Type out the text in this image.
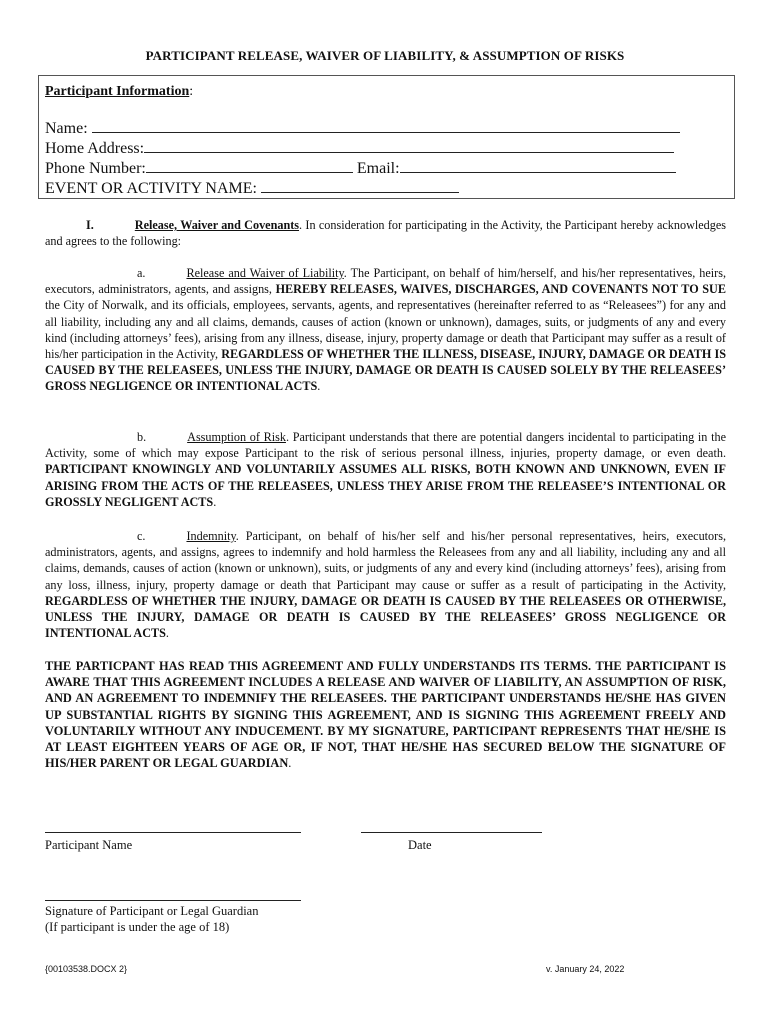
PARTICIPANT RELEASE, WAIVER OF LIABILITY, & ASSUMPTION OF RISKS
Participant Information:
Name:
Home Address:
Phone Number:	Email:
EVENT OR ACTIVITY NAME:
I.	Release, Waiver and Covenants. In consideration for participating in the Activity, the Participant hereby acknowledges and agrees to the following:
a.	Release and Waiver of Liability. The Participant, on behalf of him/herself, and his/her representatives, heirs, executors, administrators, agents, and assigns, HEREBY RELEASES, WAIVES, DISCHARGES, AND COVENANTS NOT TO SUE the City of Norwalk, and its officials, employees, servants, agents, and representatives (hereinafter referred to as “Releasees”) for any and all liability, including any and all claims, demands, causes of action (known or unknown), damages, suits, or judgments of any and every kind (including attorneys’ fees), arising from any illness, disease, injury, property damage or death that Participant may suffer as a result of his/her participation in the Activity, REGARDLESS OF WHETHER THE ILLNESS, DISEASE, INJURY, DAMAGE OR DEATH IS CAUSED BY THE RELEASEES, UNLESS THE INJURY, DAMAGE OR DEATH IS CAUSED SOLELY BY THE RELEASEES’ GROSS NEGLIGENCE OR INTENTIONAL ACTS.
b.	Assumption of Risk. Participant understands that there are potential dangers incidental to participating in the Activity, some of which may expose Participant to the risk of serious personal illness, injuries, property damage, or even death. PARTICIPANT KNOWINGLY AND VOLUNTARILY ASSUMES ALL RISKS, BOTH KNOWN AND UNKNOWN, EVEN IF ARISING FROM THE ACTS OF THE RELEASEES, UNLESS THEY ARISE FROM THE RELEASEE’S INTENTIONAL OR GROSSLY NEGLIGENT ACTS.
c.	Indemnity. Participant, on behalf of his/her self and his/her personal representatives, heirs, executors, administrators, agents, and assigns, agrees to indemnify and hold harmless the Releasees from any and all liability, including any and all claims, demands, causes of action (known or unknown), suits, or judgments of any and every kind (including attorneys’ fees), arising from any loss, illness, injury, property damage or death that Participant may cause or suffer as a result of participating in the Activity, REGARDLESS OF WHETHER THE INJURY, DAMAGE OR DEATH IS CAUSED BY THE RELEASEES OR OTHERWISE, UNLESS THE INJURY, DAMAGE OR DEATH IS CAUSED BY THE RELEASEES’ GROSS NEGLIGENCE OR INTENTIONAL ACTS.
THE PARTICPANT HAS READ THIS AGREEMENT AND FULLY UNDERSTANDS ITS TERMS. THE PARTICIPANT IS AWARE THAT THIS AGREEMENT INCLUDES A RELEASE AND WAIVER OF LIABILITY, AN ASSUMPTION OF RISK, AND AN AGREEMENT TO INDEMNIFY THE RELEASEES. THE PARTICIPANT UNDERSTANDS HE/SHE HAS GIVEN UP SUBSTANTIAL RIGHTS BY SIGNING THIS AGREEMENT, AND IS SIGNING THIS AGREEMENT FREELY AND VOLUNTARILY WITHOUT ANY INDUCEMENT. BY MY SIGNATURE, PARTICIPANT REPRESENTS THAT HE/SHE IS AT LEAST EIGHTEEN YEARS OF AGE OR, IF NOT, THAT HE/SHE HAS SECURED BELOW THE SIGNATURE OF HIS/HER PARENT OR LEGAL GUARDIAN.
Participant Name	Date
Signature of Participant or Legal Guardian
(If participant is under the age of 18)
{00103538.DOCX 2}	v. January 24, 2022
